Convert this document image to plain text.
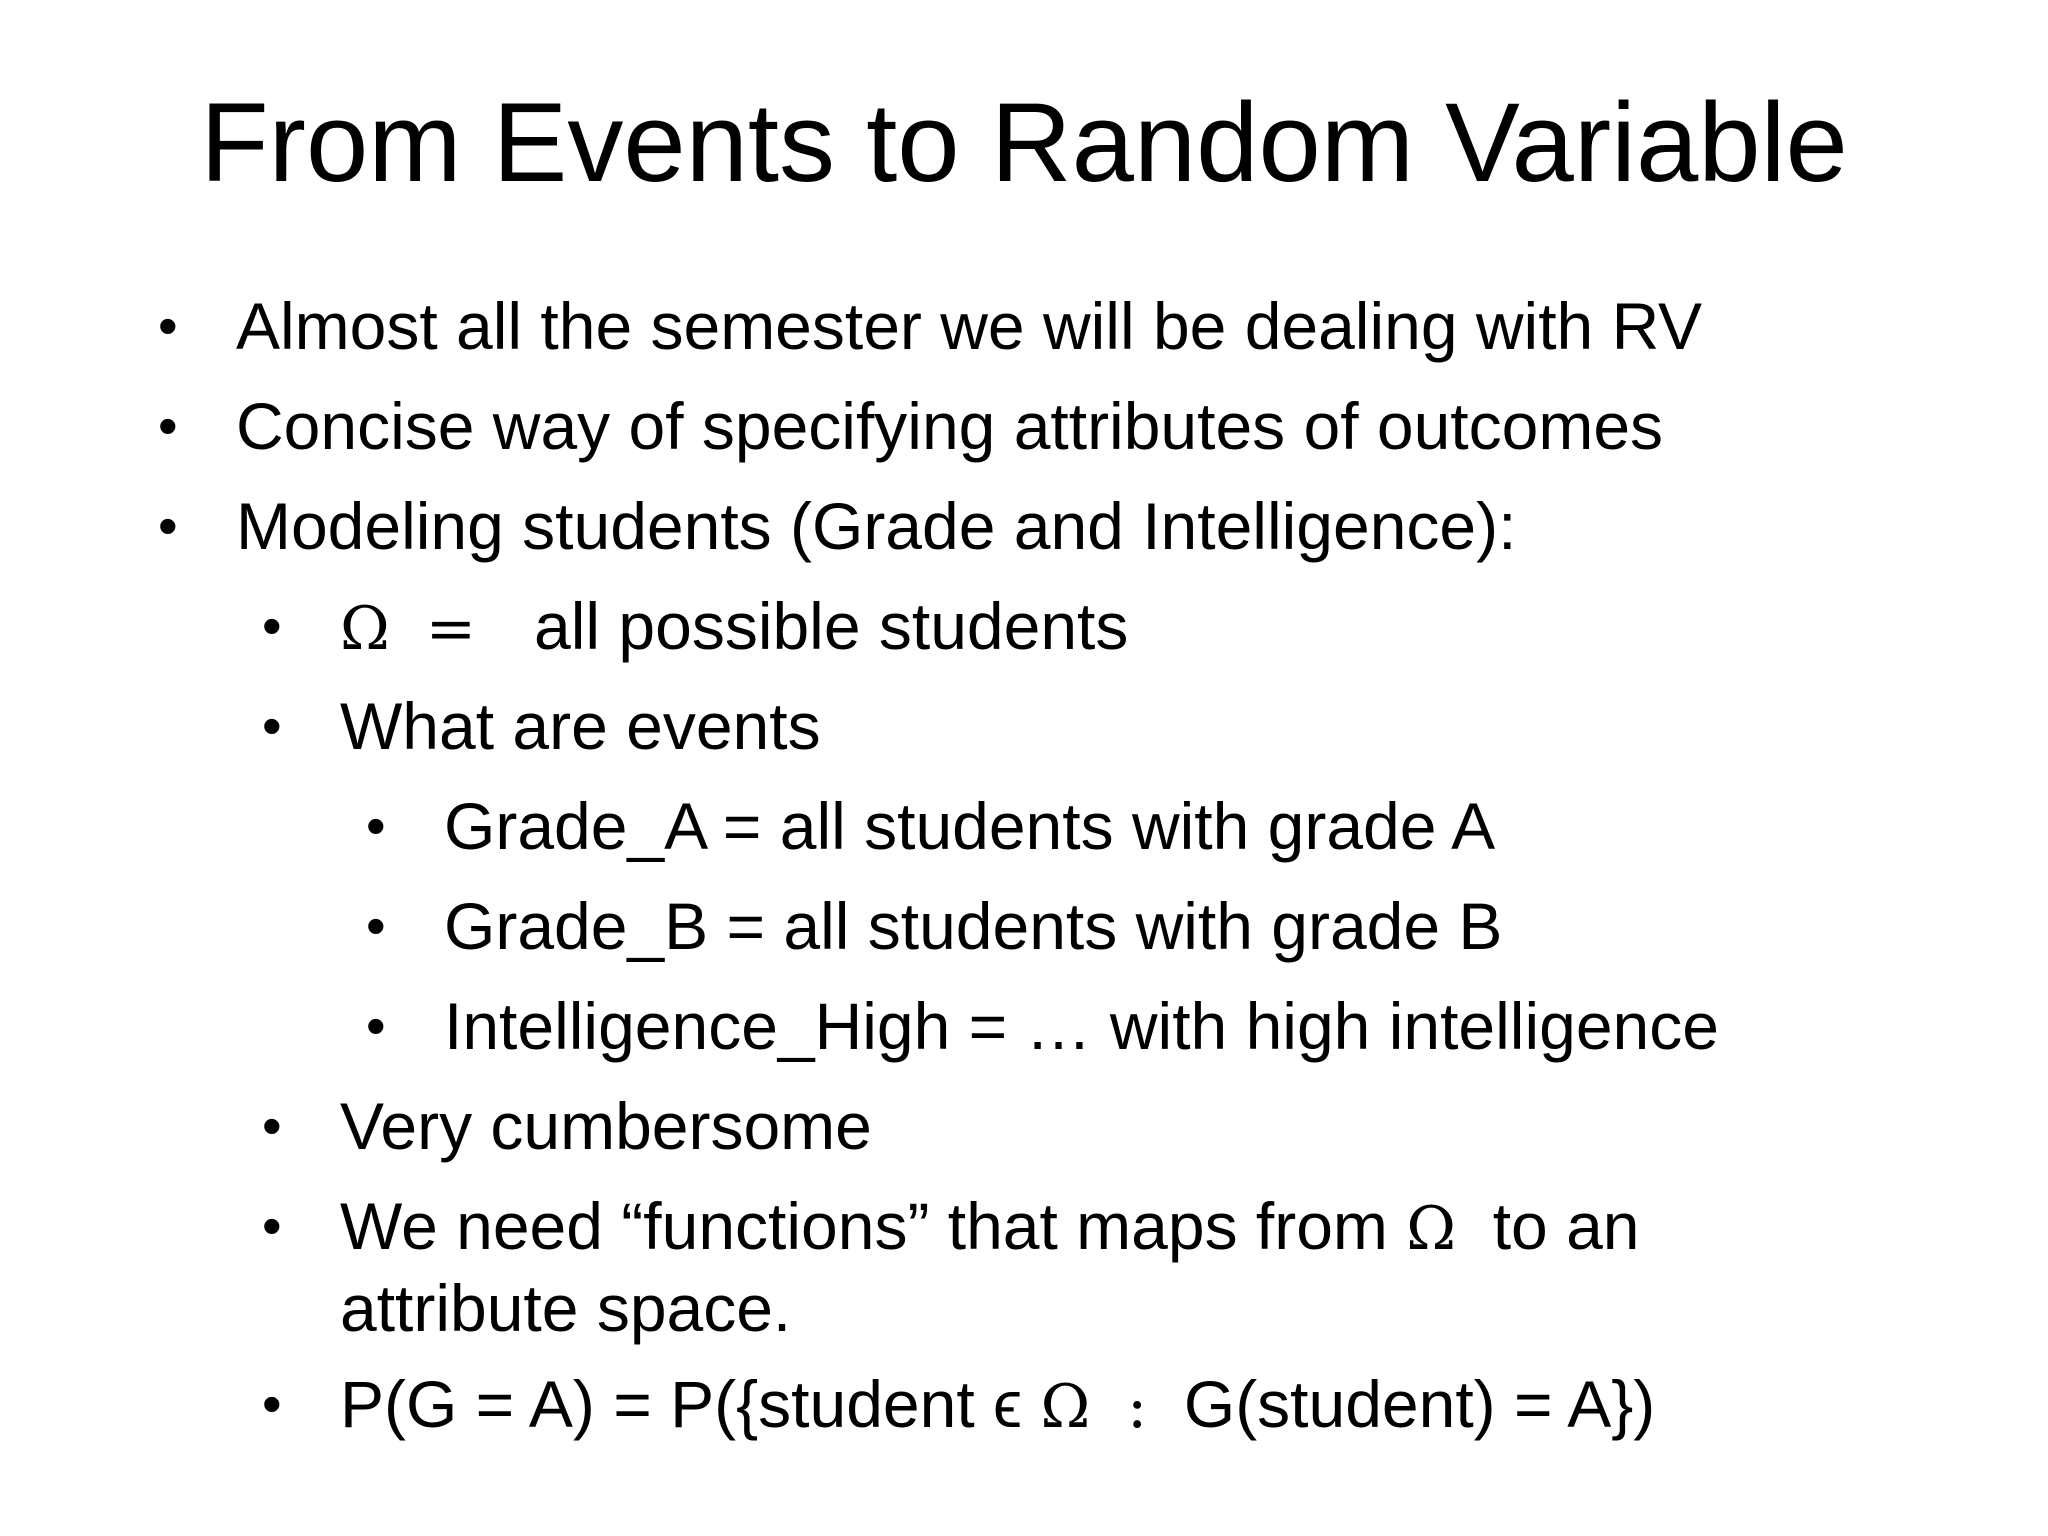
From Events to Random Variable
• Almost all the semester we will be dealing with RV
• Concise way of specifying attributes of outcomes
• Modeling students (Grade and Intelligence):
• Ω = all possible students
• What are events
• Grade_A = all students with grade A
• Grade_B = all students with grade B
• Intelligence_High = … with high intelligence
• Very cumbersome
• We need “functions” that maps from Ω to an
attribute space.
• P(G = A) = P({student ϵ Ω : G(student) = A})
